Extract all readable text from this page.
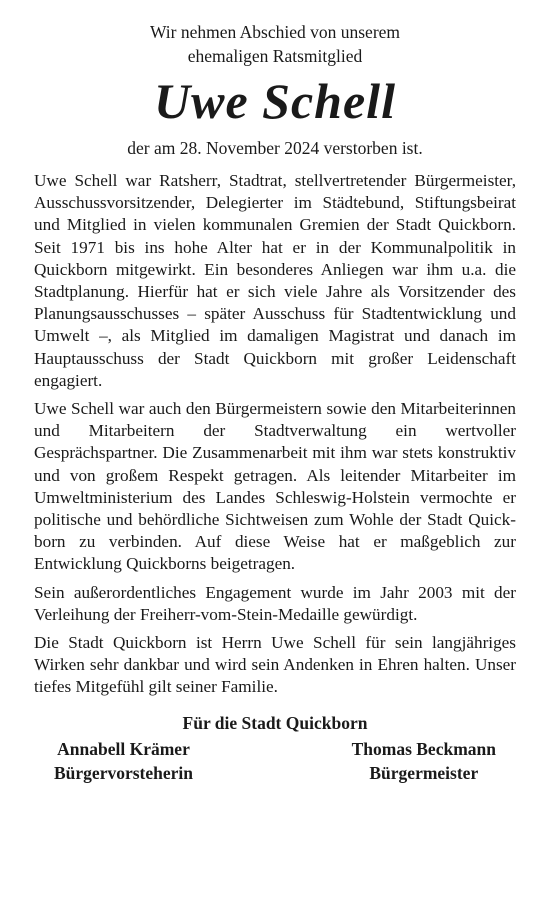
Wir nehmen Abschied von unserem

ehemaligen Ratsmitglied

Uwe Schell

der am 28. November 2024 verstorben ist.

Uwe Schell war Ratsherr, Stadtrat, stellvertretender Bürgermeister, Ausschussvorsitzender, Delegierter im Städtebund, Stiftungsbeirat und Mitglied in vielen kommunalen Gremien der Stadt Quickborn. Seit 1971 bis ins hohe Alter hat er in der Kommunalpolitik in Quickborn mitgewirkt. Ein besonderes Anliegen war ihm u.a. die Stadtplanung. Hierfür hat er sich viele Jahre als Vorsitzender des Planungsausschusses – später Ausschuss für Stadtentwicklung und Umwelt –, als Mitglied im damaligen Magistrat und danach im Hauptausschuss der Stadt Quickborn mit großer Leidenschaft engagiert.

Uwe Schell war auch den Bürgermeistern sowie den Mitarbeiterinnen und Mitarbeitern der Stadtverwaltung ein wertvoller Gesprächspartner. Die Zusammenarbeit mit ihm war stets konstruktiv und von großem Respekt getragen. Als leitender Mitarbeiter im Umweltministerium des Landes Schleswig-Holstein vermochte er politische und behördliche Sichtweisen zum Wohle der Stadt Quickborn zu verbinden. Auf diese Weise hat er maßgeblich zur Entwicklung Quickborns beigetragen.

Sein außerordentliches Engagement wurde im Jahr 2003 mit der Verleihung der Freiherr-vom-Stein-Medaille gewürdigt.

Die Stadt Quickborn ist Herrn Uwe Schell für sein langjähriges Wirken sehr dankbar und wird sein Andenken in Ehren halten. Unser tiefes Mitgefühl gilt seiner Familie.

Für die Stadt Quickborn
Annabell Krämer
Bürgervorsteherin
Thomas Beckmann
Bürgermeister
